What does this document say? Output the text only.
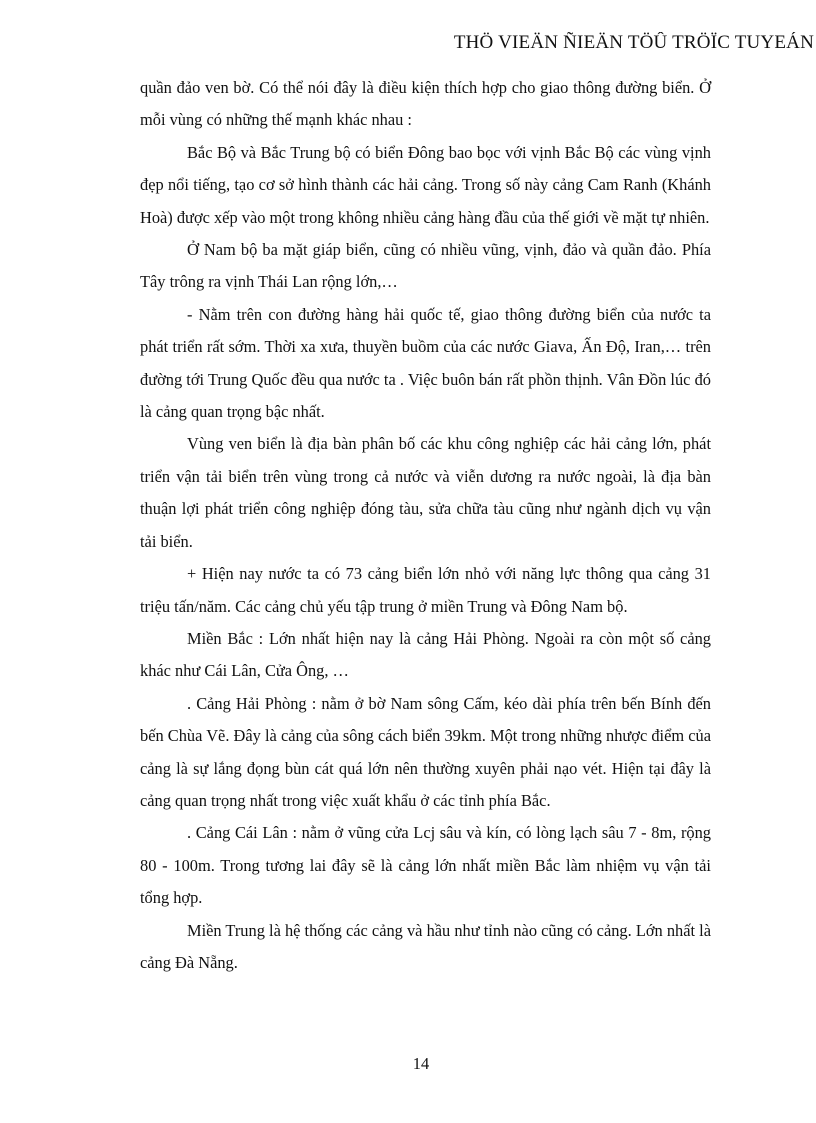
THÖ VIEÄN ÑIEÄN TÖÛ TRÖÏC TUYEÁN

quần đảo ven bờ. Có thể nói đây là điều kiện thích hợp cho giao thông đường biển. Ở mỗi vùng có những thế mạnh khác nhau :

Bắc Bộ và Bắc Trung bộ có biển Đông bao bọc với vịnh Bắc Bộ các vùng vịnh đẹp nổi tiếng, tạo cơ sở hình thành các hải cảng. Trong số này cảng Cam Ranh (Khánh Hoà) được xếp vào một trong không nhiều cảng hàng đầu của thế giới về mặt tự nhiên.

Ở Nam bộ ba mặt giáp biển, cũng có nhiều vũng, vịnh, đảo và quần đảo. Phía Tây trông ra vịnh Thái Lan rộng lớn,…

- Nằm trên con đường hàng hải quốc tế, giao thông đường biển của nước ta phát triển rất sớm. Thời xa xưa, thuyền buồm của các nước Giava, Ấn Độ, Iran,… trên đường tới Trung Quốc đều qua nước ta . Việc buôn bán rất phồn thịnh. Vân Đồn lúc đó là cảng quan trọng bậc nhất.

Vùng ven biển là địa bàn phân bố các khu công nghiệp các hải cảng lớn, phát triển vận tải biển trên vùng trong cả nước và viễn dương ra nước ngoài, là địa bàn thuận lợi phát triển công nghiệp đóng tàu, sửa chữa tàu cũng như ngành dịch vụ vận tải biển.

+ Hiện nay nước ta có 73 cảng biển lớn nhỏ với năng lực thông qua cảng 31 triệu tấn/năm. Các cảng chủ yếu tập trung ở miền Trung và Đông Nam bộ.

Miền Bắc : Lớn nhất hiện nay là cảng Hải Phòng. Ngoài ra còn một số cảng khác như Cái Lân, Cửa Ông, …

. Cảng Hải Phòng : nằm ở bờ Nam sông Cấm, kéo dài phía trên bến Bính đến bến Chùa Vẽ. Đây là cảng của sông cách biển 39km. Một trong những nhược điểm của cảng là sự lắng đọng bùn cát quá lớn nên thường xuyên phải nạo vét. Hiện tại đây là cảng quan trọng nhất trong việc xuất khẩu ở các tỉnh phía Bắc.

. Cảng Cái Lân : nằm ở vũng cửa Lcj sâu và kín, có lòng lạch sâu 7 - 8m, rộng 80 - 100m. Trong tương lai đây sẽ là cảng lớn nhất miền Bắc làm nhiệm vụ vận tải tổng hợp.

Miền Trung là hệ thống các cảng và hầu như tỉnh nào cũng có cảng. Lớn nhất là cảng Đà Nẵng.

14
